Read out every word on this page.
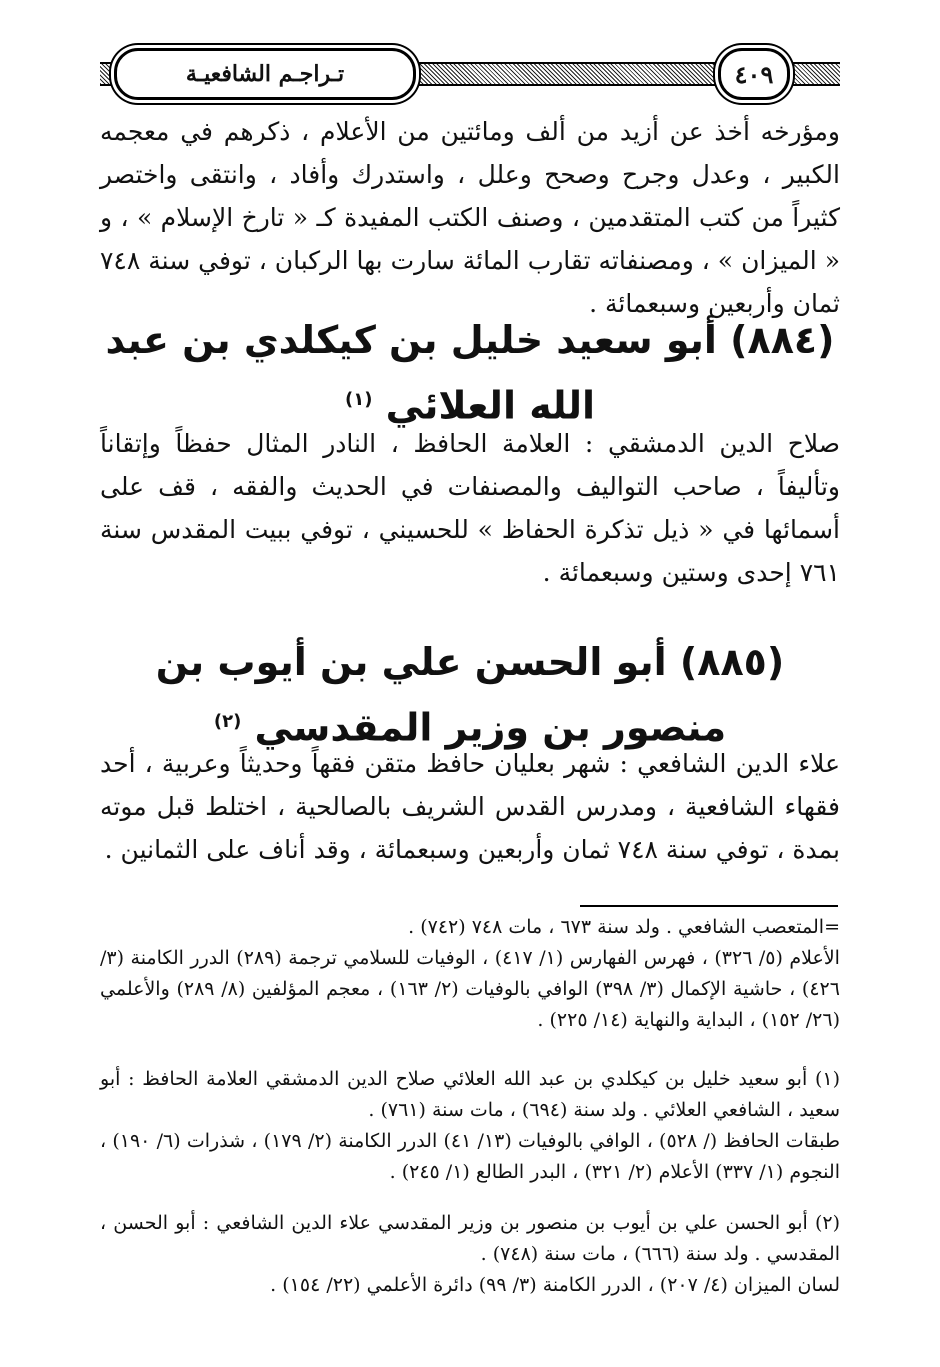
تـراجـم الشافعيـة	٤٠٩
ومؤرخه أخذ عن أزيد من ألف ومائتين من الأعلام ، ذكرهم في معجمه الكبير ، وعدل وجرح وصحح وعلل ، واستدرك وأفاد ، وانتقى واختصر كثيراً من كتب المتقدمين ، وصنف الكتب المفيدة كـ « تارخ الإسلام » ، و « الميزان » ، ومصنفاته تقارب المائة سارت بها الركبان ، توفي سنة ٧٤٨ ثمان وأربعين وسبعمائة .
(٨٨٤) أبو سعيد خليل بن كيكلدي بن عبد الله العلائي $^{(١)}$
صلاح الدين الدمشقي : العلامة الحافظ ، النادر المثال حفظاً وإتقاناً وتأليفاً ، صاحب التواليف والمصنفات في الحديث والفقه ، قف على أسمائها في « ذيل تذكرة الحفاظ » للحسيني ، توفي ببيت المقدس سنة ٧٦١ إحدى وستين وسبعمائة .
(٨٨٥) أبو الحسن علي بن أيوب بن منصور بن وزير المقدسي $^{(٢)}$
علاء الدين الشافعي : شهر بعليان حافظ متقن فقهاً وحديثاً وعربية ، أحد فقهاء الشافعية ، ومدرس القدس الشريف بالصالحية ، اختلط قبل موته بمدة ، توفي سنة ٧٤٨ ثمان وأربعين وسبعمائة ، وقد أناف على الثمانين .
=المتعصب الشافعي . ولد سنة ٦٧٣ ، مات ٧٤٨ (٧٤٢) .
الأعلام (٥/ ٣٢٦) ، فهرس الفهارس (١/ ٤١٧) ، الوفيات للسلامي ترجمة (٢٨٩) الدرر الكامنة (٣/ ٤٢٦) ، حاشية الإكمال (٣/ ٣٩٨) الوافي بالوفيات (٢/ ١٦٣) ، معجم المؤلفين (٨/ ٢٨٩) والأعلمي (٢٦/ ١٥٢) ، البداية والنهاية (١٤/ ٢٢٥) .
(١) أبو سعيد خليل بن كيكلدي بن عبد الله العلائي صلاح الدين الدمشقي العلامة الحافظ : أبو سعيد ، الشافعي العلائي . ولد سنة (٦٩٤) ، مات سنة (٧٦١) .
طبقات الحافظ (/ ٥٢٨) ، الوافي بالوفيات (١٣/ ٤١) الدرر الكامنة (٢/ ١٧٩) ، شذرات (٦/ ١٩٠) ، النجوم (١/ ٣٣٧) الأعلام (٢/ ٣٢١) ، البدر الطالع (١/ ٢٤٥) .
(٢) أبو الحسن علي بن أيوب بن منصور بن وزير المقدسي علاء الدين الشافعي : أبو الحسن ، المقدسي . ولد سنة (٦٦٦) ، مات سنة (٧٤٨) .
لسان الميزان (٤/ ٢٠٧) ، الدرر الكامنة (٣/ ٩٩) دائرة الأعلمي (٢٢/ ١٥٤) .
